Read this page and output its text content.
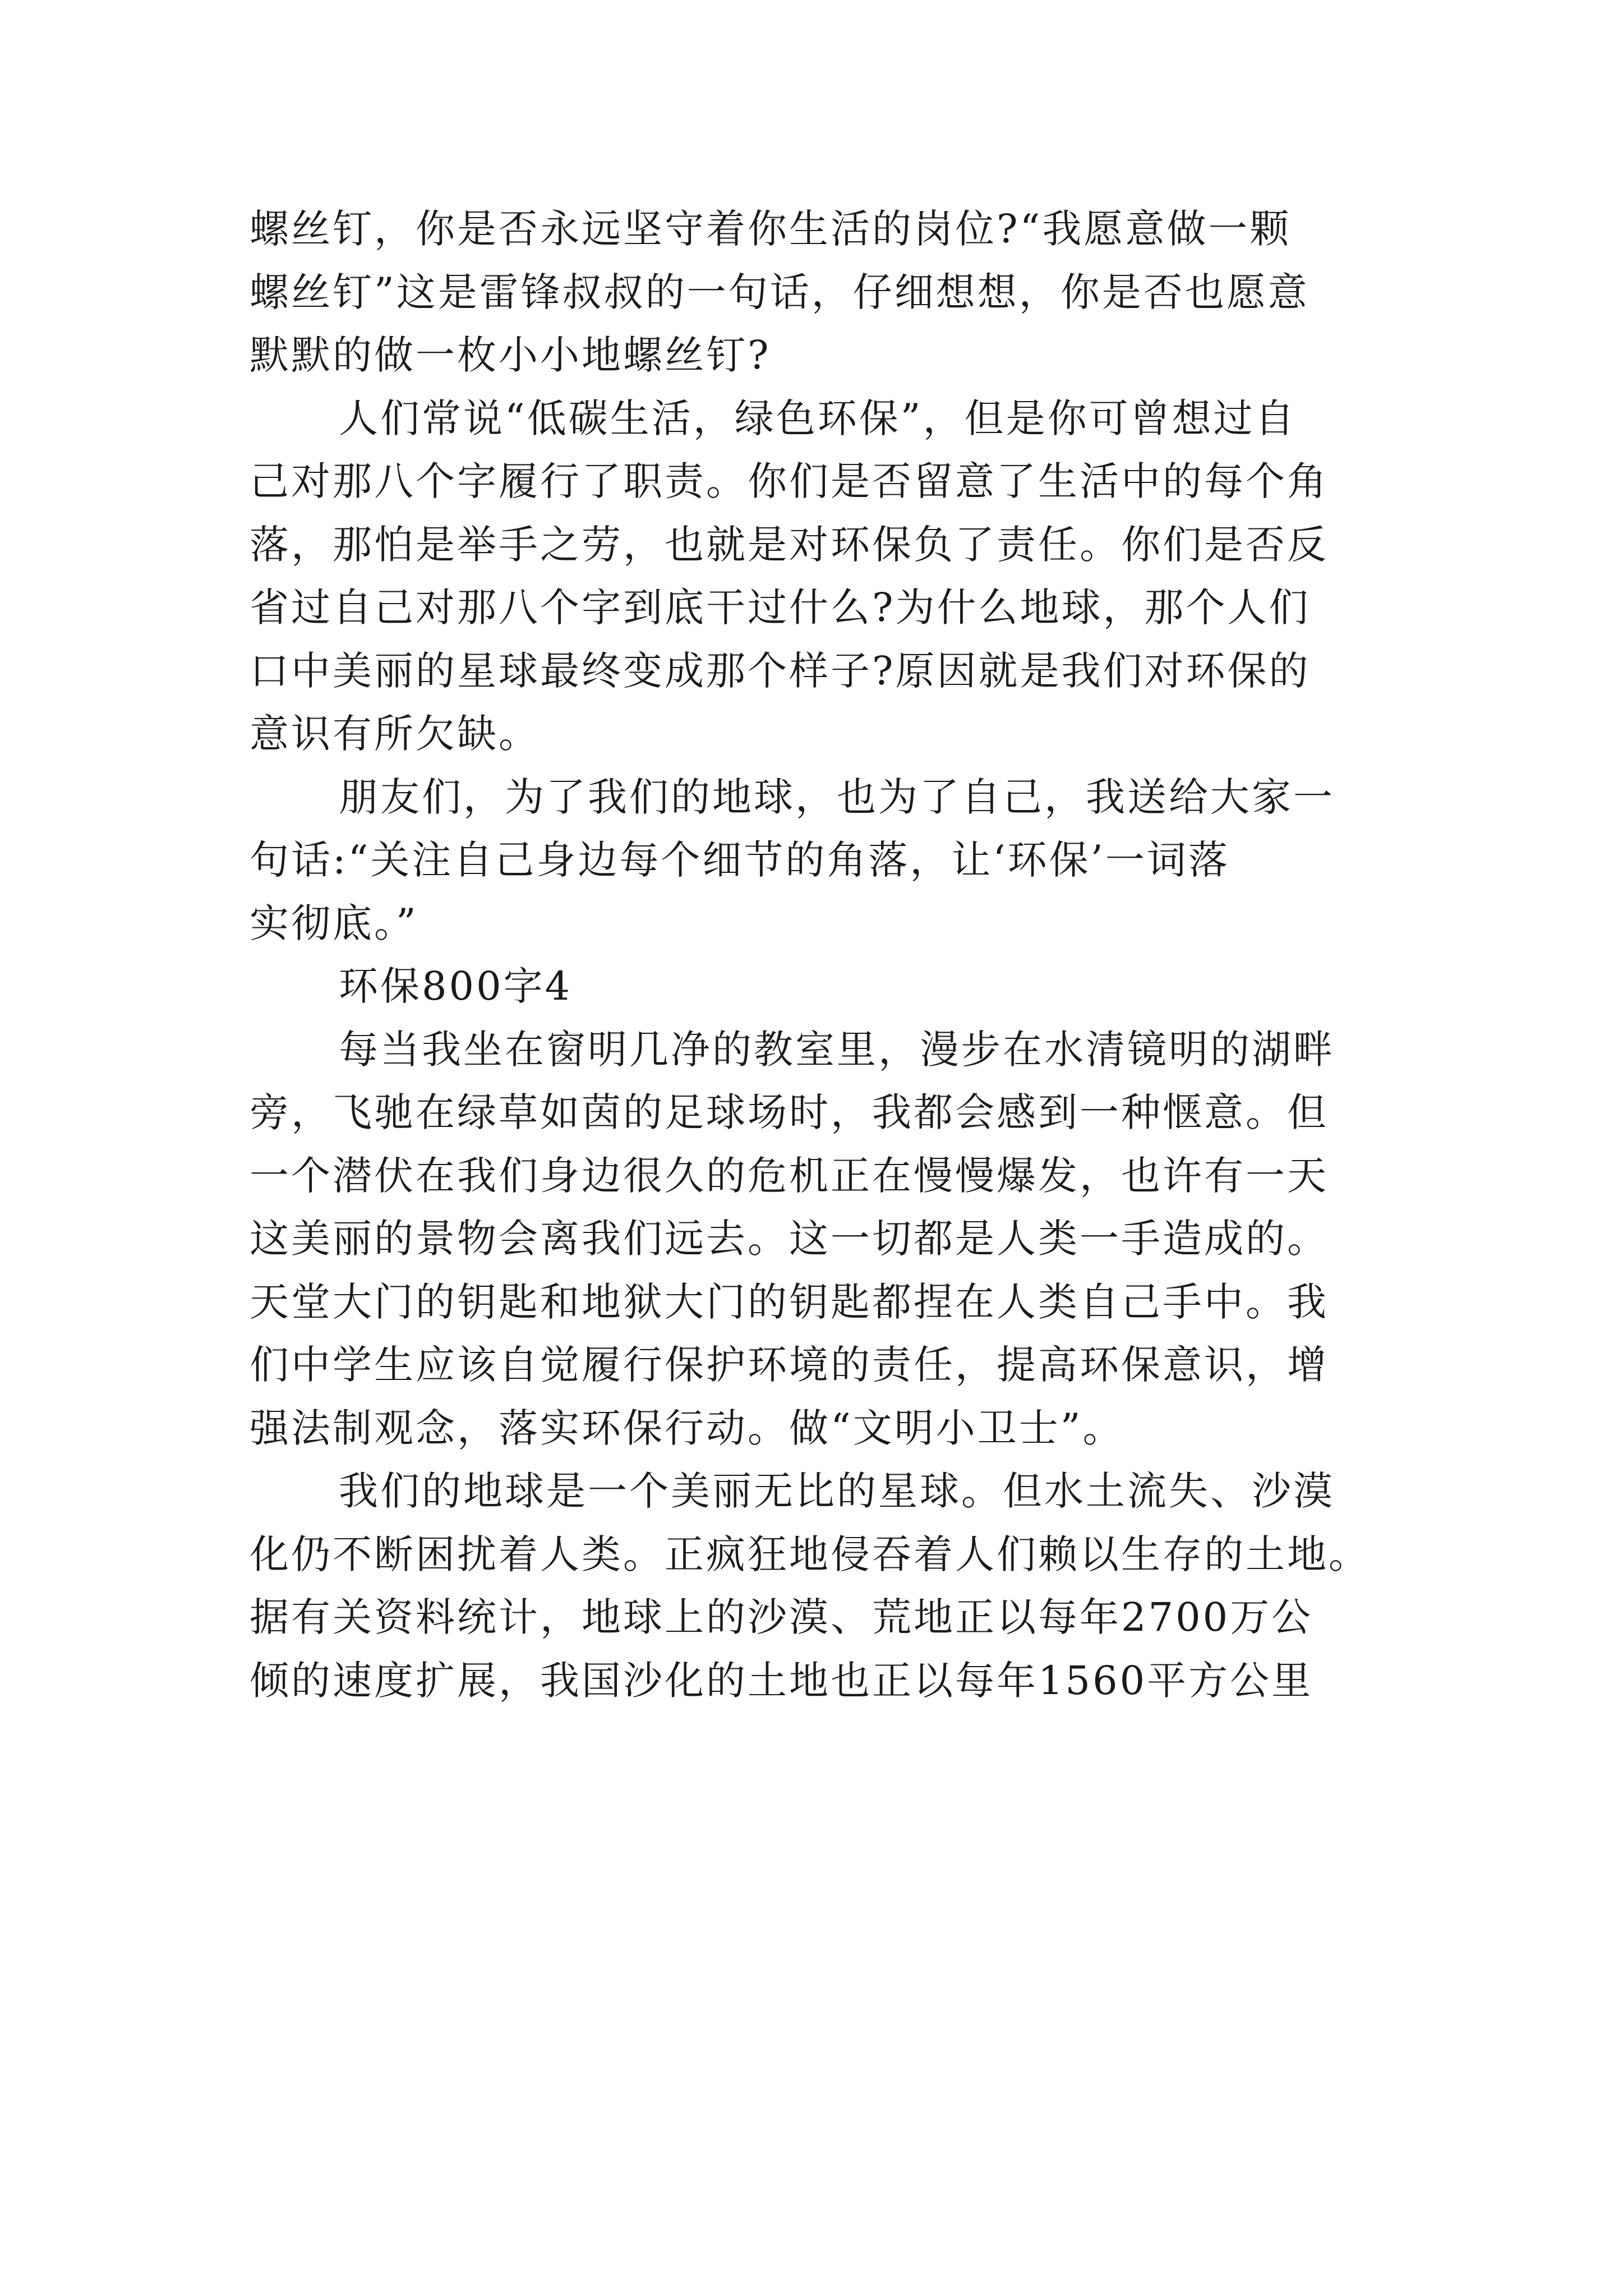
螺丝钉，你是否永远坚守着你生活的岗位?“我愿意做一颗
螺丝钉”这是雷锋叔叔的一句话，仔细想想，你是否也愿意
默默的做一枚小小地螺丝钉?
人们常说“低碳生活，绿色环保”，但是你可曾想过自
己对那八个字履行了职责。你们是否留意了生活中的每个角
落，那怕是举手之劳，也就是对环保负了责任。你们是否反
省过自己对那八个字到底干过什么?为什么地球，那个人们
口中美丽的星球最终变成那个样子?原因就是我们对环保的
意识有所欠缺。
朋友们，为了我们的地球，也为了自己，我送给大家一
句话:“关注自己身边每个细节的角落，让‘环保’一词落
实彻底。”
环保800字4
每当我坐在窗明几净的教室里，漫步在水清镜明的湖畔
旁，飞驰在绿草如茵的足球场时，我都会感到一种惬意。但
一个潜伏在我们身边很久的危机正在慢慢爆发，也许有一天
这美丽的景物会离我们远去。这一切都是人类一手造成的。
天堂大门的钥匙和地狱大门的钥匙都捏在人类自己手中。我
们中学生应该自觉履行保护环境的责任，提高环保意识，增
强法制观念，落实环保行动。做“文明小卫士”。
我们的地球是一个美丽无比的星球。但水土流失、沙漠
化仍不断困扰着人类。正疯狂地侵吞着人们赖以生存的土地。
据有关资料统计，地球上的沙漠、荒地正以每年2700万公
倾的速度扩展，我国沙化的土地也正以每年1560平方公里
